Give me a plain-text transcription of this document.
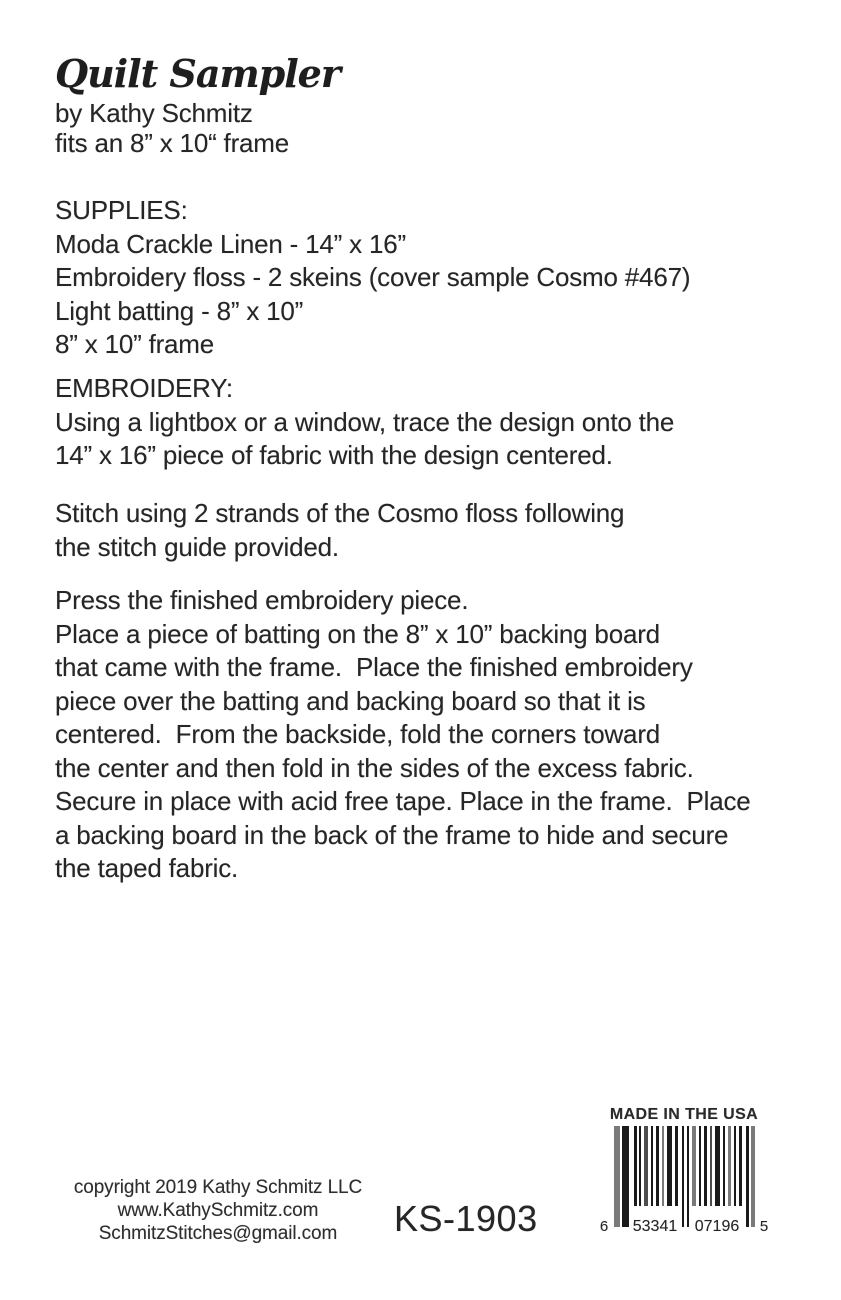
Quilt Sampler
by Kathy Schmitz
fits an 8” x 10“ frame
SUPPLIES:
Moda Crackle Linen - 14” x 16”
Embroidery floss - 2 skeins (cover sample Cosmo #467)
Light batting - 8” x 10”
8” x 10” frame
EMBROIDERY:
Using a lightbox or a window, trace the design onto the
14” x 16” piece of fabric with the design centered.
Stitch using 2 strands of the Cosmo floss following
the stitch guide provided.
Press the finished embroidery piece.
Place a piece of batting on the 8” x 10” backing board
that came with the frame.  Place the finished embroidery
piece over the batting and backing board so that it is
centered.  From the backside, fold the corners toward
the center and then fold in the sides of the excess fabric.
Secure in place with acid free tape. Place in the frame.  Place
a backing board in the back of the frame to hide and secure
the taped fabric.
MADE IN THE USA
6 53341 07196 5
copyright 2019 Kathy Schmitz LLC
www.KathySchmitz.com
SchmitzStitches@gmail.com	KS-1903
